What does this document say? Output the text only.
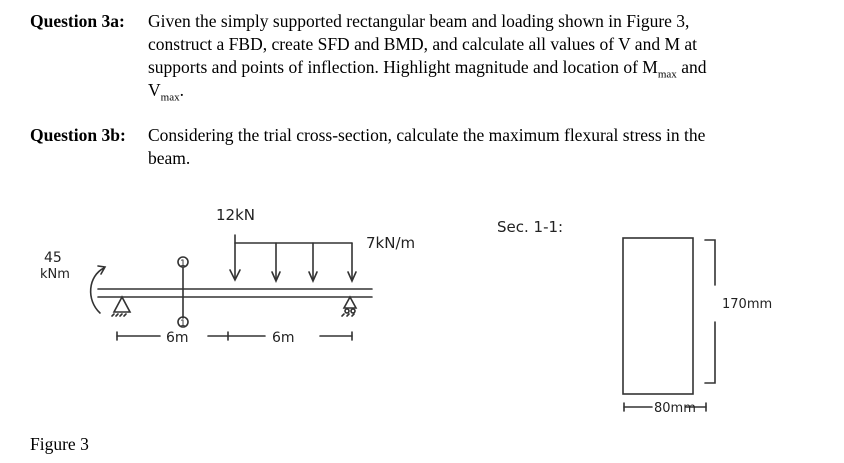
Question 3a: Given the simply supported rectangular beam and loading shown in Figure 3,
construct a FBD, create SFD and BMD, and calculate all values of V and M at
supports and points of inflection. Highlight magnitude and location of $M_{max}$ and
$V_{max}$.
Question 3b: Considering the trial cross-section, calculate the maximum flexural stress in the
beam.
45
kNm
12kN
7kN/m
1
1
6m	6m
Sec. 1-1:
170mm
80mm
Figure 3
